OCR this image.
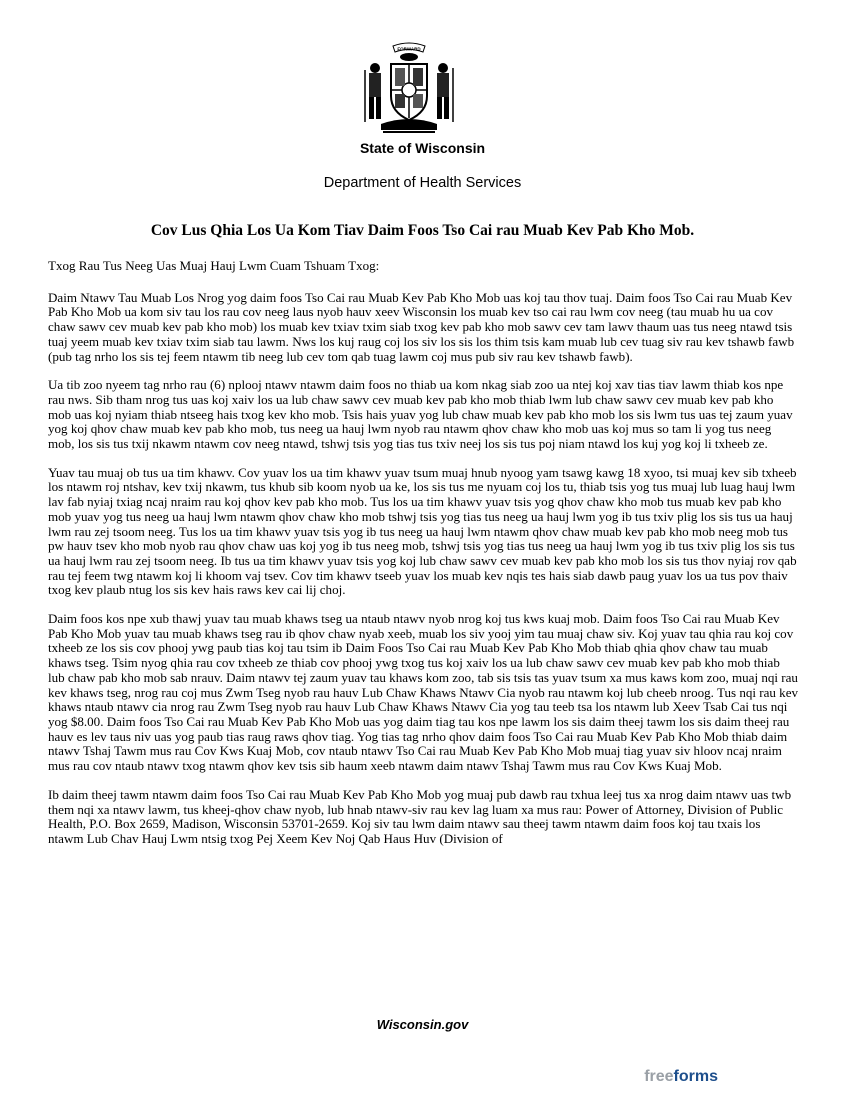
FORWARD
State of Wisconsin
Department of Health Services
Cov Lus Qhia Los Ua Kom Tiav Daim Foos Tso Cai rau Muab Kev Pab Kho Mob.

Txog Rau Tus Neeg Uas Muaj Hauj Lwm Cuam Tshuam Txog:

Daim Ntawv Tau Muab Los Nrog yog daim foos Tso Cai rau Muab Kev Pab Kho Mob uas koj tau thov tuaj. Daim foos Tso Cai rau Muab Kev Pab Kho Mob ua kom siv tau los rau cov neeg laus nyob hauv xeev Wisconsin los muab kev tso cai rau lwm cov neeg (tau muab hu ua cov chaw sawv cev muab kev pab kho mob) los muab kev txiav txim siab txog kev pab kho mob sawv cev tam lawv thaum uas tus neeg ntawd tsis tuaj yeem muab kev txiav txim siab tau lawm. Nws los kuj raug coj los siv los sis los thim tsis kam muab lub cev tuag siv rau kev tshawb fawb (pub tag nrho los sis tej feem ntawm tib neeg lub cev tom qab tuag lawm coj mus pub siv rau kev tshawb fawb).

Ua tib zoo nyeem tag nrho rau (6) nplooj ntawv ntawm daim foos no thiab ua kom nkag siab zoo ua ntej koj xav tias tiav lawm thiab kos npe rau nws. Sib tham nrog tus uas koj xaiv los ua lub chaw sawv cev muab kev pab kho mob thiab lwm lub chaw sawv cev muab kev pab kho mob uas koj nyiam thiab ntseeg hais txog kev kho mob. Tsis hais yuav yog lub chaw muab kev pab kho mob los sis lwm tus uas tej zaum yuav yog koj qhov chaw muab kev pab kho mob, tus neeg ua hauj lwm nyob rau ntawm qhov chaw kho mob uas koj mus so tam li yog tus neeg mob, los sis tus txij nkawm ntawm cov neeg ntawd, tshwj tsis yog tias tus txiv neej los sis tus poj niam ntawd los kuj yog koj li txheeb ze.

Yuav tau muaj ob tus ua tim khawv. Cov yuav los ua tim khawv yuav tsum muaj hnub nyoog yam tsawg kawg 18 xyoo, tsi muaj kev sib txheeb los ntawm roj ntshav, kev txij nkawm, tus khub sib koom nyob ua ke, los sis tus me nyuam coj los tu, thiab tsis yog tus muaj lub luag hauj lwm lav fab nyiaj txiag ncaj nraim rau koj qhov kev pab kho mob. Tus los ua tim khawv yuav tsis yog qhov chaw kho mob tus muab kev pab kho mob yuav yog tus neeg ua hauj lwm ntawm qhov chaw kho mob tshwj tsis yog tias tus neeg ua hauj lwm yog ib tus txiv plig los sis tus ua hauj lwm rau zej tsoom neeg. Tus los ua tim khawv yuav tsis yog ib tus neeg ua hauj lwm ntawm qhov chaw muab kev pab kho mob neeg mob tus pw hauv tsev kho mob nyob rau qhov chaw uas koj yog ib tus neeg mob, tshwj tsis yog tias tus neeg ua hauj lwm yog ib tus txiv plig los sis tus ua hauj lwm rau zej tsoom neeg. Ib tus ua tim khawv yuav tsis yog koj lub chaw sawv cev muab kev pab kho mob los sis tus thov nyiaj rov qab rau tej feem twg ntawm koj li khoom vaj tsev. Cov tim khawv tseeb yuav los muab kev nqis tes hais siab dawb paug yuav los ua tus pov thaiv txog kev plaub ntug los sis kev hais raws kev cai lij choj.

Daim foos kos npe xub thawj yuav tau muab khaws tseg ua ntaub ntawv nyob nrog koj tus kws kuaj mob. Daim foos Tso Cai rau Muab Kev Pab Kho Mob yuav tau muab khaws tseg rau ib qhov chaw nyab xeeb, muab los siv yooj yim tau muaj chaw siv. Koj yuav tau qhia rau koj cov txheeb ze los sis cov phooj ywg paub tias koj tau tsim ib Daim Foos Tso Cai rau Muab Kev Pab Kho Mob thiab qhia qhov chaw tau muab khaws tseg. Tsim nyog qhia rau cov txheeb ze thiab cov phooj ywg txog tus koj xaiv los ua lub chaw sawv cev muab kev pab kho mob thiab lub chaw pab kho mob sab nrauv. Daim ntawv tej zaum yuav tau khaws kom zoo, tab sis tsis tas yuav tsum xa mus kaws kom zoo, muaj nqi rau kev khaws tseg, nrog rau coj mus Zwm Tseg nyob rau hauv Lub Chaw Khaws Ntawv Cia nyob rau ntawm koj lub cheeb nroog. Tus nqi rau kev khaws ntaub ntawv cia nrog rau Zwm Tseg nyob rau hauv Lub Chaw Khaws Ntawv Cia yog tau teeb tsa los ntawm lub Xeev Tsab Cai tus nqi yog $8.00. Daim foos Tso Cai rau Muab Kev Pab Kho Mob uas yog daim tiag tau kos npe lawm los sis daim theej tawm los sis daim theej rau hauv es lev taus niv uas yog paub tias raug raws qhov tiag. Yog tias tag nrho qhov daim foos Tso Cai rau Muab Kev Pab Kho Mob thiab daim ntawv Tshaj Tawm mus rau Cov Kws Kuaj Mob, cov ntaub ntawv Tso Cai rau Muab Kev Pab Kho Mob muaj tiag yuav siv hloov ncaj nraim mus rau cov ntaub ntawv txog ntawm qhov kev tsis sib haum xeeb ntawm daim ntawv Tshaj Tawm mus rau Cov Kws Kuaj Mob.

Ib daim theej tawm ntawm daim foos Tso Cai rau Muab Kev Pab Kho Mob yog muaj pub dawb rau txhua leej tus xa nrog daim ntawv uas twb them nqi xa ntawv lawm, tus kheej-qhov chaw nyob, lub hnab ntawv-siv rau kev lag luam xa mus rau: Power of Attorney, Division of Public Health, P.O. Box 2659, Madison, Wisconsin 53701-2659. Koj siv tau lwm daim ntawv sau theej tawm ntawm daim foos koj tau txais los ntawm Lub Chav Hauj Lwm ntsig txog Pej Xeem Kev Noj Qab Haus Huv (Division of

Wisconsin.gov
freeforms
